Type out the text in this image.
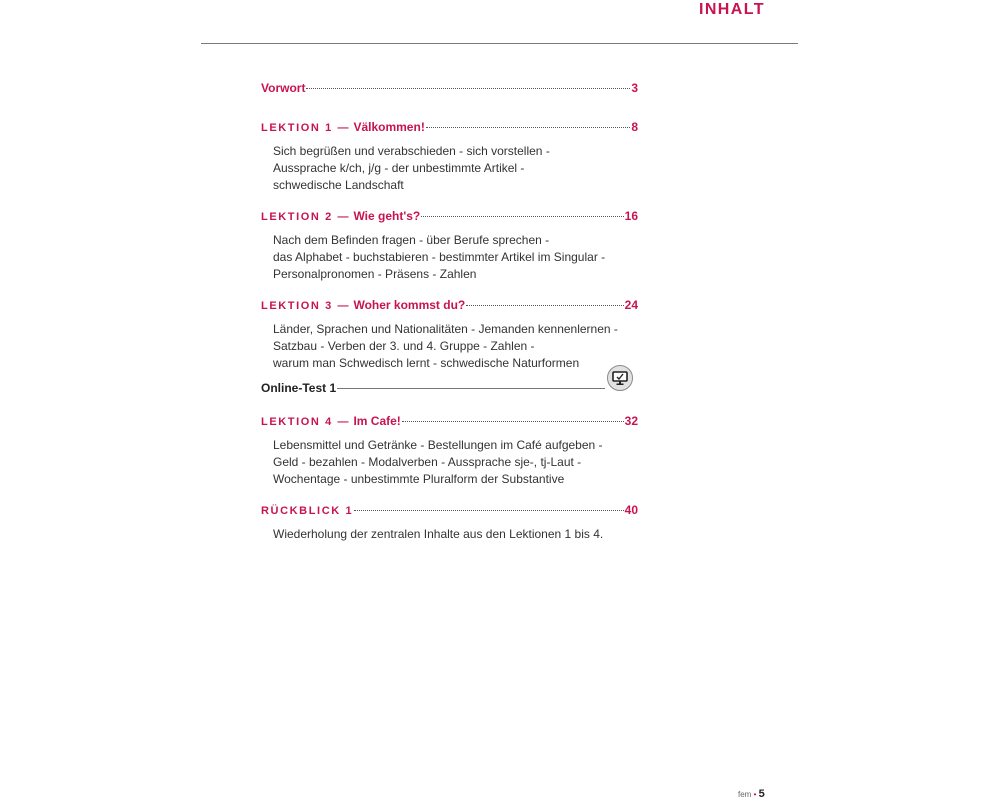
INHALT
Vorwort	3
LEKTION 1 — Välkommen!	8
Sich begrüßen und verabschieden - sich vorstellen -
Aussprache k/ch, j/g - der unbestimmte Artikel -
schwedische Landschaft
LEKTION 2 — Wie geht's?	16
Nach dem Befinden fragen - über Berufe sprechen -
das Alphabet - buchstabieren - bestimmter Artikel im Singular -
Personalpronomen - Präsens - Zahlen
LEKTION 3 — Woher kommst du?	24
Länder, Sprachen und Nationalitäten - Jemanden kennenlernen -
Satzbau - Verben der 3. und 4. Gruppe - Zahlen -
warum man Schwedisch lernt - schwedische Naturformen
Online-Test 1
LEKTION 4 — Im Cafe!	32
Lebensmittel und Getränke - Bestellungen im Café aufgeben -
Geld - bezahlen - Modalverben - Aussprache sje-, tj-Laut -
Wochentage - unbestimmte Pluralform der Substantive
RÜCKBLICK 1	40
Wiederholung der zentralen Inhalte aus den Lektionen 1 bis 4.
fem • 5
